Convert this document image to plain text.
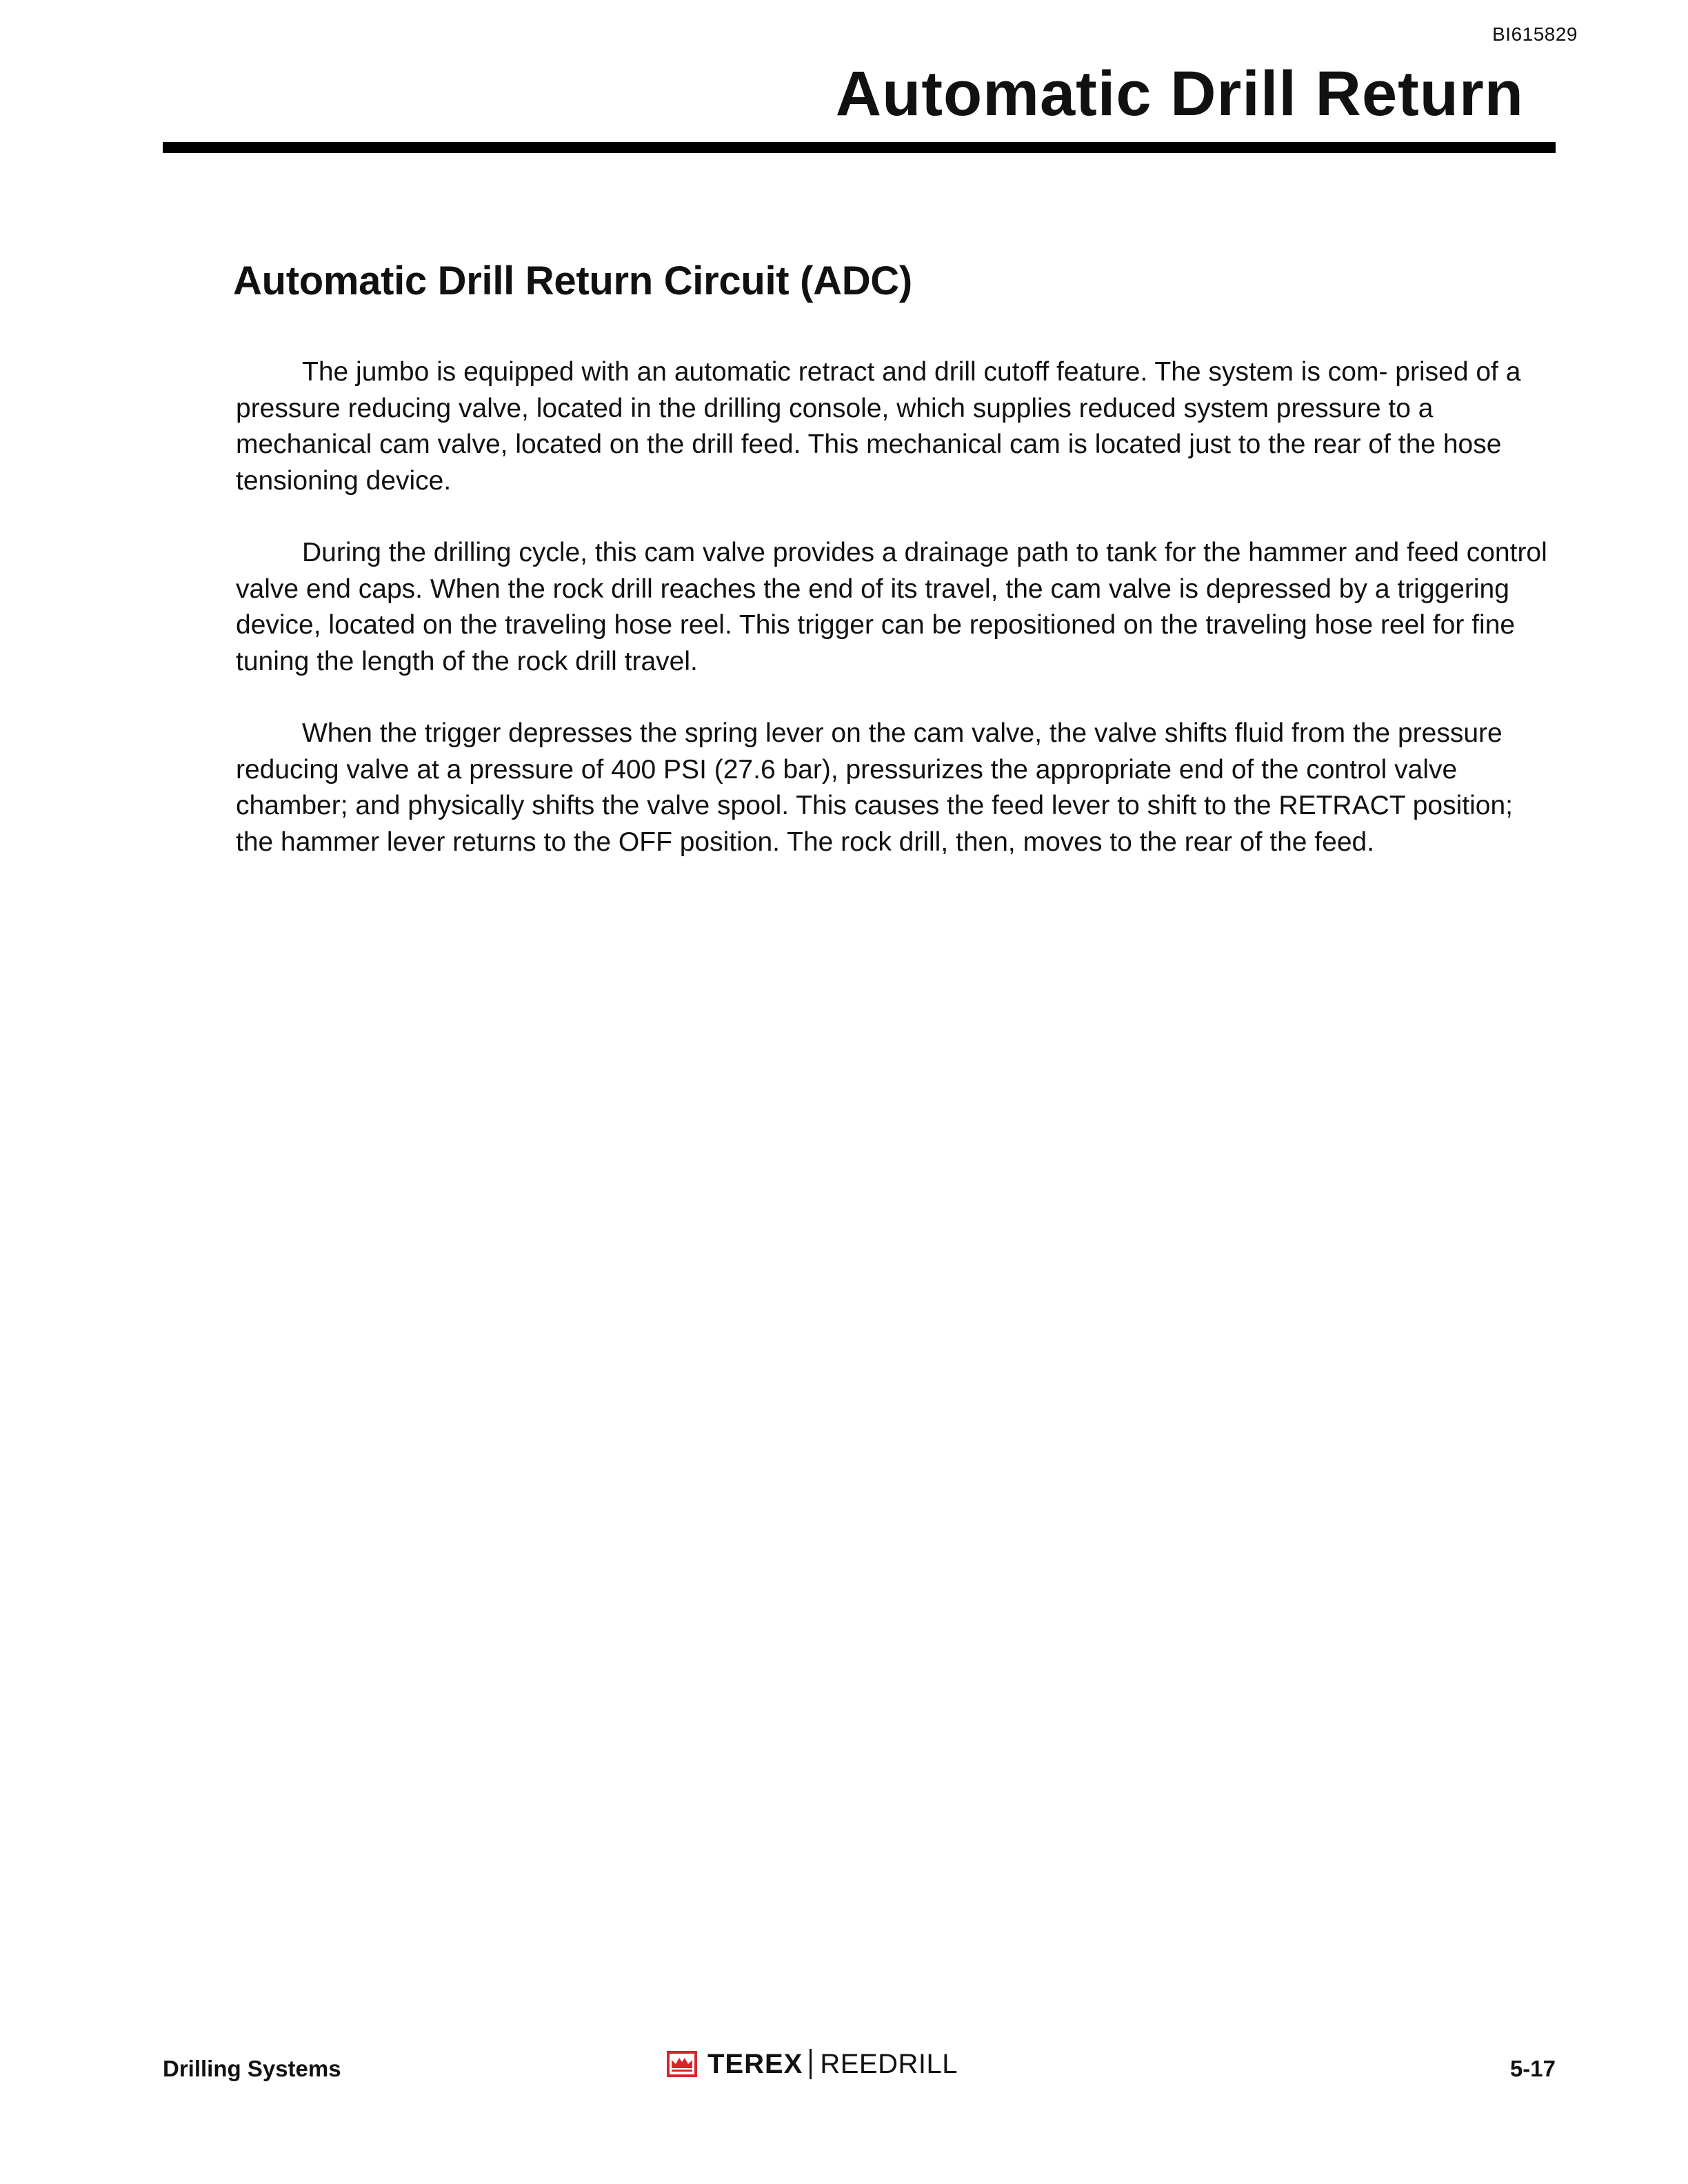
BI615829
Automatic Drill Return
Automatic Drill Return Circuit (ADC)

The jumbo is equipped with an automatic retract and drill cutoff feature. The system is com- prised of a pressure reducing valve, located in the drilling console, which supplies reduced system pressure to a mechanical cam valve, located on the drill feed. This mechanical cam is located just to the rear of the hose tensioning device.

During the drilling cycle, this cam valve provides a drainage path to tank for the hammer and feed control valve end caps. When the rock drill reaches the end of its travel, the cam valve is depressed by a triggering device, located on the traveling hose reel. This trigger can be repositioned on the traveling hose reel for fine tuning the length of the rock drill travel.

When the trigger depresses the spring lever on the cam valve, the valve shifts fluid from the pressure reducing valve at a pressure of 400 PSI (27.6 bar), pressurizes the appropriate end of the control valve chamber; and physically shifts the valve spool. This causes the feed lever to shift to the RETRACT position; the hammer lever returns to the OFF position. The rock drill, then, moves to the rear of the feed.

Drilling Systems	TEREX REEDRILL	5-17
